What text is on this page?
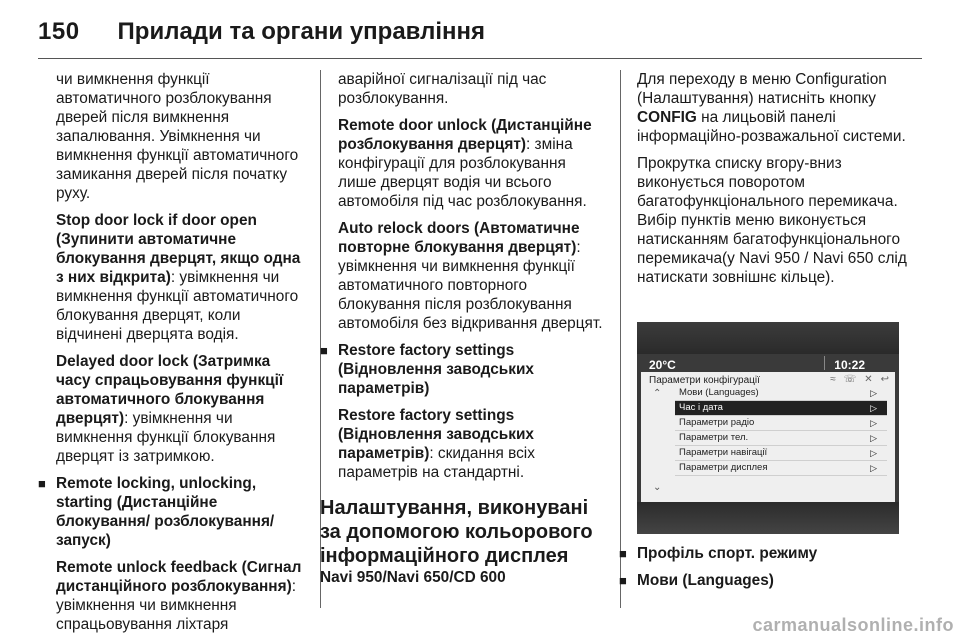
150 Прилади та органи управління

чи вимкнення функції автоматичного розблокування дверей після вимкнення запалювання. Увімкнення чи вимкнення функції автоматичного замикання дверей після початку руху.

Stop door lock if door open (Зупинити автоматичне блокування дверцят, якщо одна з них відкрита): увімкнення чи вимкнення функції автоматичного блокування дверцят, коли відчинені дверцята водія.

Delayed door lock (Затримка часу спрацьовування функції автоматичного блокування дверцят): увімкнення чи вимкнення функції блокування дверцят із затримкою.

■ Remote locking, unlocking, starting (Дистанційне блокування/ розблокування/запуск)

Remote unlock feedback (Сигнал дистанційного розблокування): увімкнення чи вимкнення спрацьовування ліхтаря

аварійної сигналізації під час розблокування.

Remote door unlock (Дистанційне розблокування дверцят): зміна конфігурації для розблокування лише дверцят водія чи всього автомобіля під час розблокування.

Auto relock doors (Автоматичне повторне блокування дверцят): увімкнення чи вимкнення функції автоматичного повторного блокування після розблокування автомобіля без відкривання дверцят.

■ Restore factory settings (Відновлення заводських параметрів)

Restore factory settings (Відновлення заводських параметрів): скидання всіх параметрів на стандартні.

Налаштування, виконувані за допомогою кольорового інформаційного дисплея
Navi 950/Navi 650/CD 600

Для переходу в меню Configuration (Налаштування) натисніть кнопку CONFIG на лицьовій панелі інформаційно-розважальної системи.

Прокрутка списку вгору-вниз виконується поворотом багатофункціонального перемикача. Вибір пунктів меню виконується натисканням багатофункціонального перемикача(у Navi 950 / Navi 650 слід натискати зовнішнє кільце).

20°C	10:22
Параметри конфігурації	≈ ☏ ✕ ↩
⌃
⌄
Мови (Languages)	▷
Час і дата	▷
Параметри радіо	▷
Параметри тел.	▷
Параметри навігації	▷
Параметри дисплея	▷
■ Профіль спорт. режиму
■ Мови (Languages)
carmanualsonline.info
